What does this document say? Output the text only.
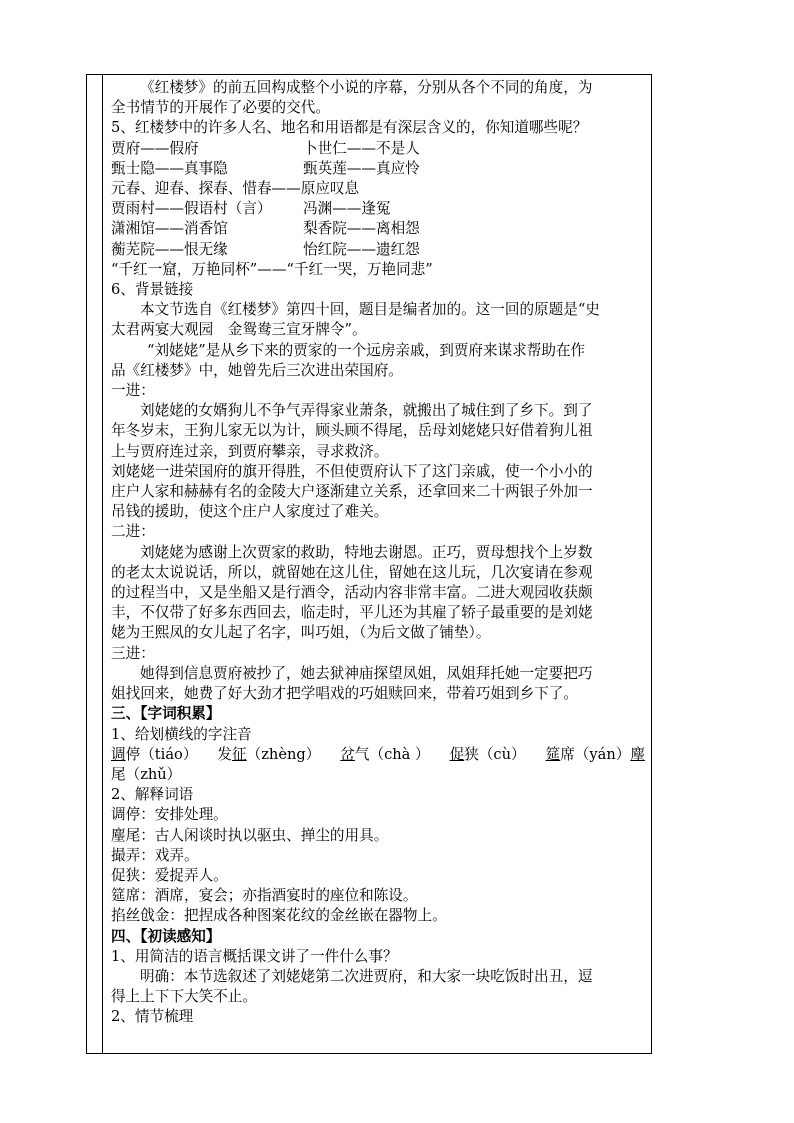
《红楼梦》的前五回构成整个小说的序幕，分别从各个不同的角度，为

全书情节的开展作了必要的交代。

5、红楼梦中的许多人名、地名和用语都是有深层含义的，你知道哪些呢？

贾府——假府	卜世仁——不是人

甄士隐——真事隐	甄英莲——真应怜

元春、迎春、探春、惜春——原应叹息

贾雨村——假语村（言） 冯渊——逢冤

潇湘馆——消香馆	梨香院——离相怨

蘅芜院——恨无缘	怡红院——遗红怨

“千红一窟，万艳同杯”——“千红一哭，万艳同悲”

6、背景链接

本文节选自《红楼梦》第四十回，题目是编者加的。这一回的原题是“史

太君两宴大观园　金鸳鸯三宣牙牌令”。

“刘姥姥”是从乡下来的贾家的一个远房亲戚，到贾府来谋求帮助在作

品《红楼梦》中，她曾先后三次进出荣国府。

一进：

刘姥姥的女婿狗儿不争气弄得家业萧条，就搬出了城住到了乡下。到了

年冬岁末，王狗儿家无以为计，顾头顾不得尾，岳母刘姥姥只好借着狗儿祖

上与贾府连过亲，到贾府攀亲，寻求救济。

刘姥姥一进荣国府的旗开得胜，不但使贾府认下了这门亲戚，使一个小小的

庄户人家和赫赫有名的金陵大户逐渐建立关系，还拿回来二十两银子外加一

吊钱的援助，使这个庄户人家度过了难关。

二进：

刘姥姥为感谢上次贾家的救助，特地去谢恩。正巧，贾母想找个上岁数

的老太太说说话，所以，就留她在这儿住，留她在这儿玩，几次宴请在参观

的过程当中，又是坐船又是行酒令，活动内容非常丰富。二进大观园收获颇

丰，不仅带了好多东西回去，临走时，平儿还为其雇了轿子最重要的是刘姥

姥为王熙凤的女儿起了名字，叫巧姐，（为后文做了铺垫）。

三进：

她得到信息贾府被抄了，她去狱神庙探望凤姐，凤姐拜托她一定要把巧

姐找回来，她费了好大劲才把学唱戏的巧姐赎回来，带着巧姐到乡下了。

三、【字词积累】

1、给划横线的字注音

调停（tiáo） 发征（zhèng） 岔气（chà ） 促狭（cù） 筵席（yán）麈

尾（zhǔ）

2、解释词语

调停：安排处理。

麈尾：古人闲谈时执以驱虫、掸尘的用具。

撮弄：戏弄。

促狭：爱捉弄人。

筵席：酒席，宴会；亦指酒宴时的座位和陈设。

掐丝戗金：把捏成各种图案花纹的金丝嵌在器物上。

四、【初读感知】

1、用简洁的语言概括课文讲了一件什么事？

明确：本节选叙述了刘姥姥第二次进贾府，和大家一块吃饭时出丑，逗

得上上下下大笑不止。

2、情节梳理
